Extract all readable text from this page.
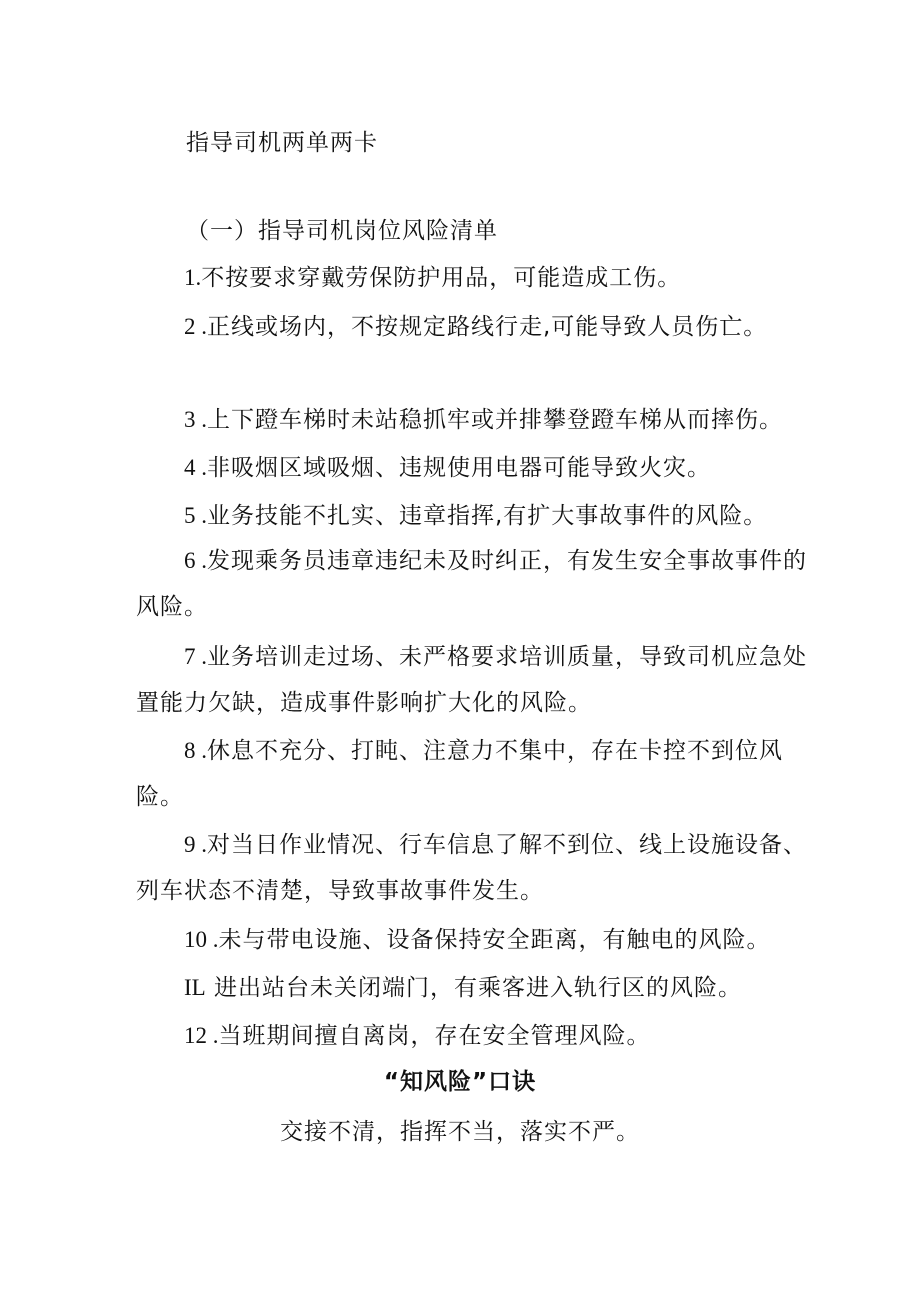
指导司机两单两卡
（一）指导司机岗位风险清单

1.不按要求穿戴劳保防护用品，可能造成工伤。

2 .正线或场内，不按规定路线行走,可能导致人员伤亡。

3 .上下蹬车梯时未站稳抓牢或并排攀登蹬车梯从而摔伤。

4 .非吸烟区域吸烟、违规使用电器可能导致火灾。

5 .业务技能不扎实、违章指挥,有扩大事故事件的风险。

6 .发现乘务员违章违纪未及时纠正，有发生安全事故事件的风险。

7 .业务培训走过场、未严格要求培训质量，导致司机应急处置能力欠缺，造成事件影响扩大化的风险。

8 .休息不充分、打盹、注意力不集中，存在卡控不到位风险。

9 .对当日作业情况、行车信息了解不到位、线上设施设备、列车状态不清楚，导致事故事件发生。

10 .未与带电设施、设备保持安全距离，有触电的风险。

IL 进出站台未关闭端门，有乘客进入轨行区的风险。

12 .当班期间擅自离岗，存在安全管理风险。

“知风险”口诀
交接不清，指挥不当，落实不严。
